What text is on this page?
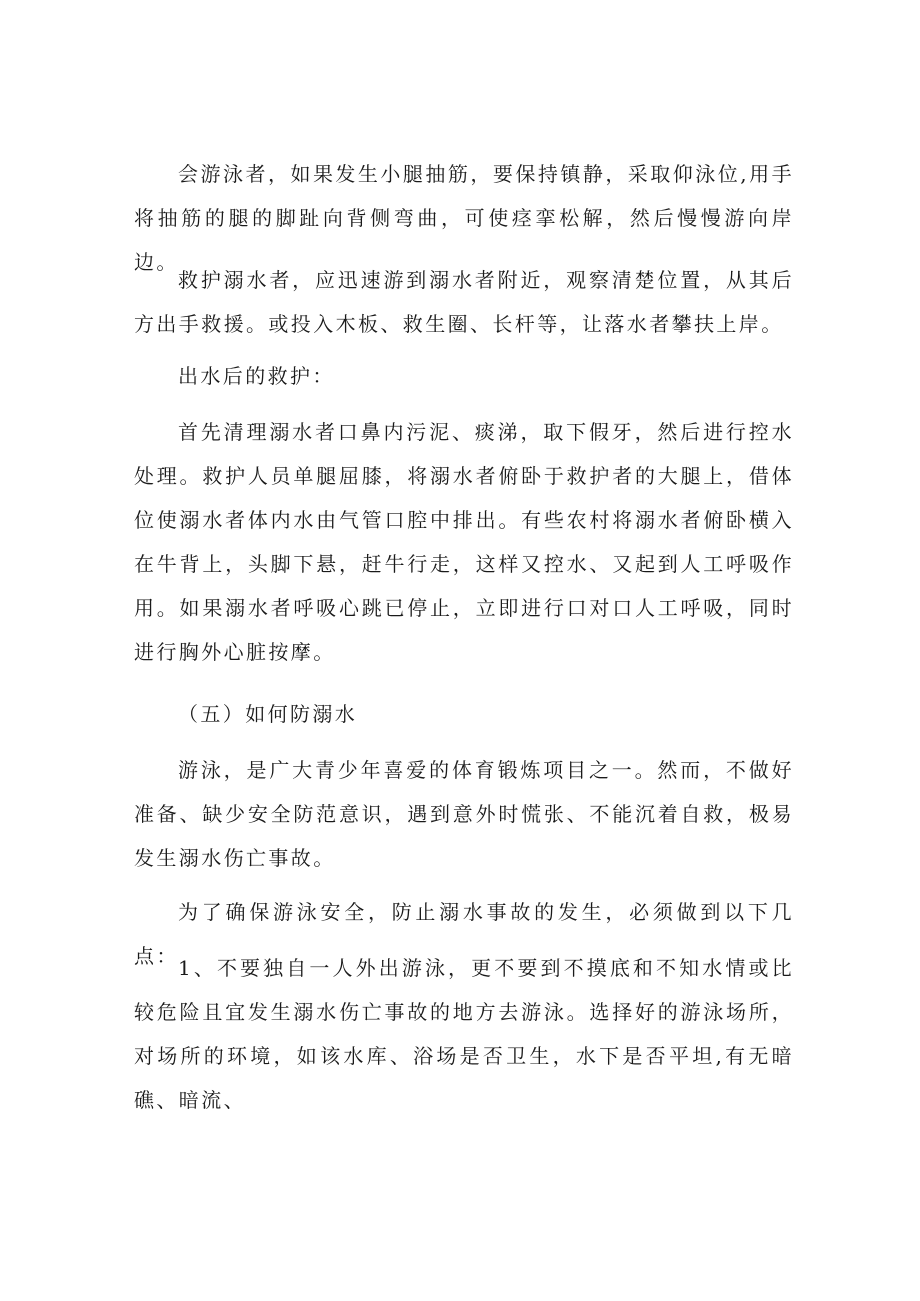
会游泳者，如果发生小腿抽筋，要保持镇静，采取仰泳位,用手将抽筋的腿的脚趾向背侧弯曲，可使痉挛松解，然后慢慢游向岸边。

救护溺水者，应迅速游到溺水者附近，观察清楚位置，从其后方出手救援。或投入木板、救生圈、长杆等，让落水者攀扶上岸。

出水后的救护：

首先清理溺水者口鼻内污泥、痰涕，取下假牙，然后进行控水处理。救护人员单腿屈膝，将溺水者俯卧于救护者的大腿上，借体位使溺水者体内水由气管口腔中排出。有些农村将溺水者俯卧横入在牛背上，头脚下悬，赶牛行走，这样又控水、又起到人工呼吸作用。如果溺水者呼吸心跳已停止，立即进行口对口人工呼吸，同时进行胸外心脏按摩。

（五）如何防溺水

游泳，是广大青少年喜爱的体育锻炼项目之一。然而，不做好准备、缺少安全防范意识，遇到意外时慌张、不能沉着自救，极易发生溺水伤亡事故。

为了确保游泳安全，防止溺水事故的发生，必须做到以下几点： 1、不要独自一人外出游泳，更不要到不摸底和不知水情或比较危险且宜发生溺水伤亡事故的地方去游泳。选择好的游泳场所，对场所的环境，如该水库、浴场是否卫生，水下是否平坦,有无暗礁、暗流、
